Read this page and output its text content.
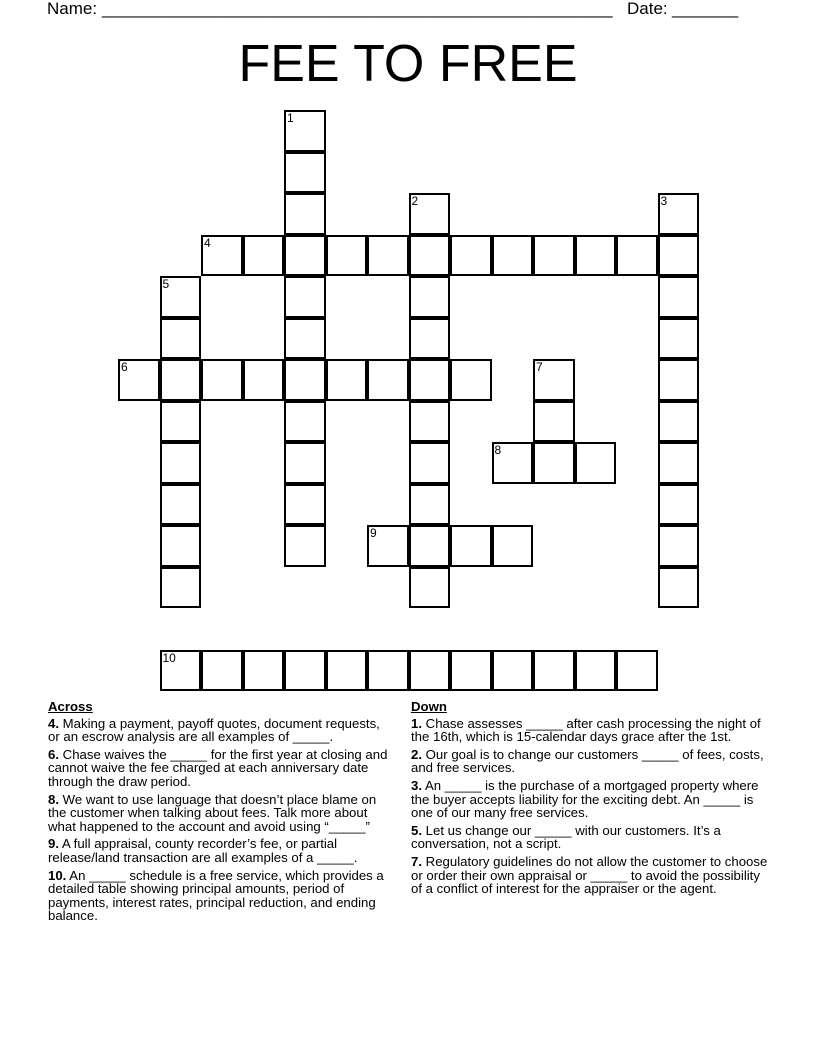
Name: ______________________________________________________ Date: _______
FEE TO FREE
1
2	3
4
5
6	7
8
9
10
Across
4. Making a payment, payoff quotes, document requests, or an escrow analysis are all examples of _____.
6. Chase waives the _____ for the first year at closing and cannot waive the fee charged at each anniversary date through the draw period.
8. We want to use language that doesn’t place blame on the customer when talking about fees. Talk more about what happened to the account and avoid using “_____”
9. A full appraisal, county recorder’s fee, or partial release/land transaction are all examples of a _____.
10. An _____ schedule is a free service, which provides a detailed table showing principal amounts, period of payments, interest rates, principal reduction, and ending balance.
Down
1. Chase assesses _____ after cash processing the night of the 16th, which is 15-calendar days grace after the 1st.
2. Our goal is to change our customers _____ of fees, costs, and free services.
3. An _____ is the purchase of a mortgaged property where the buyer accepts liability for the exciting debt. An _____ is one of our many free services.
5. Let us change our _____ with our customers. It’s a conversation, not a script.
7. Regulatory guidelines do not allow the customer to choose or order their own appraisal or _____ to avoid the possibility of a conflict of interest for the appraiser or the agent.
